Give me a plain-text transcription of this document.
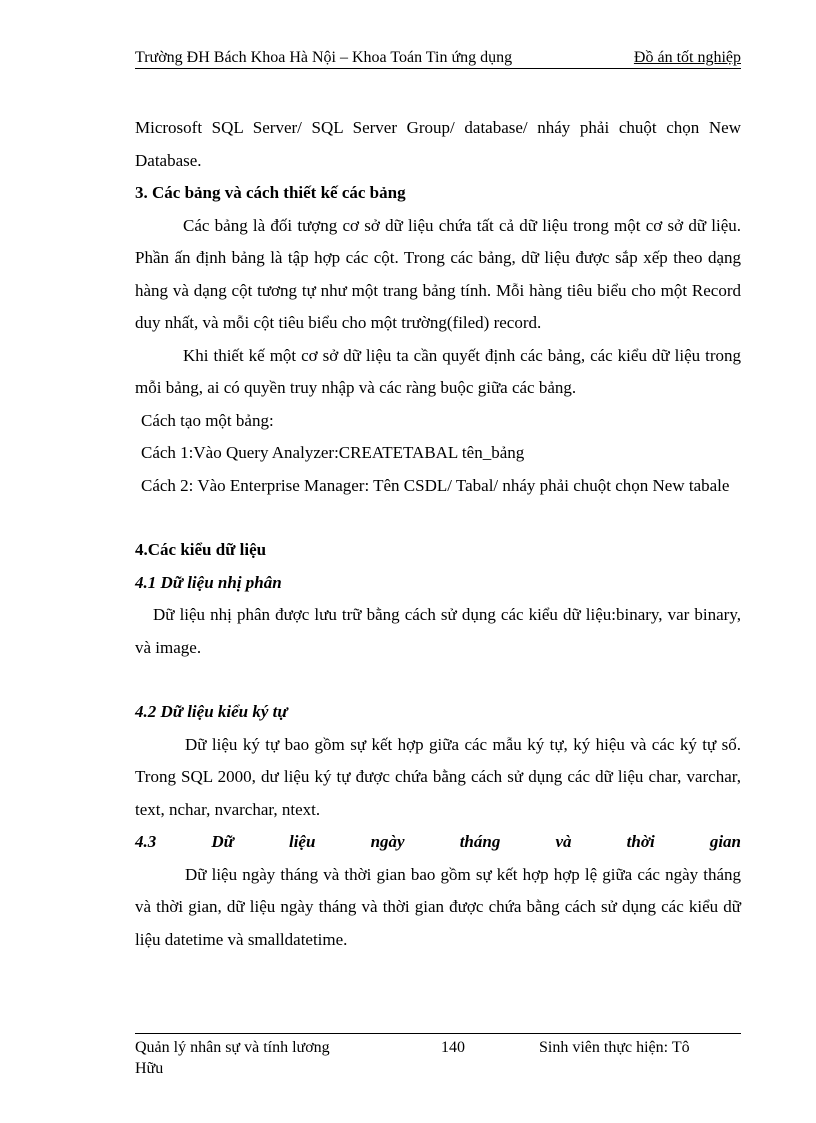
Trường ĐH Bách Khoa Hà Nội – Khoa Toán Tin ứng dụng	Đồ án tốt nghiệp

Microsoft SQL Server/ SQL Server Group/ database/ nháy phải chuột chọn New Database.

3. Các bảng và cách thiết kế các bảng

Các bảng là đối tượng cơ sở dữ liệu chứa tất cả dữ liệu trong một cơ sở dữ liệu. Phần ấn định bảng là tập hợp các cột. Trong các bảng, dữ liệu được sắp xếp theo dạng hàng và dạng cột tương tự như một trang bảng tính. Mỗi hàng tiêu biểu cho một Record duy nhất, và mỗi cột tiêu biểu cho một trường(filed) record.

Khi thiết kế một cơ sở dữ liệu ta cần quyết định các bảng, các kiểu dữ liệu trong mỗi bảng, ai có quyền truy nhập và các ràng buộc giữa các bảng.

Cách tạo một bảng:

Cách 1:Vào Query Analyzer:CREATETABAL tên_bảng

Cách 2: Vào Enterprise Manager: Tên CSDL/ Tabal/ nháy phải chuột chọn New tabale

4.Các kiểu dữ liệu

4.1 Dữ liệu nhị phân

Dữ liệu nhị phân được lưu trữ bằng cách sử dụng các kiểu dữ liệu:binary, var binary, và image.

4.2 Dữ liệu kiểu ký tự

Dữ liệu ký tự bao gồm sự kết hợp giữa các mẫu ký tự, ký hiệu và các ký tự số. Trong SQL 2000, dư liệu ký tự được chứa bằng cách sử dụng các dữ liệu char, varchar, text, nchar, nvarchar, ntext.

4.3 Dữ liệu ngày tháng và thời gian

Dữ liệu ngày tháng và thời gian bao gồm sự kết hợp hợp lệ giữa các ngày tháng và thời gian, dữ liệu ngày tháng và thời gian được chứa bằng cách sử dụng các kiểu dữ liệu datetime và smalldatetime.

Quản lý nhân sự và tính lương	140	Sinh viên thực hiện: Tô
Hữu
